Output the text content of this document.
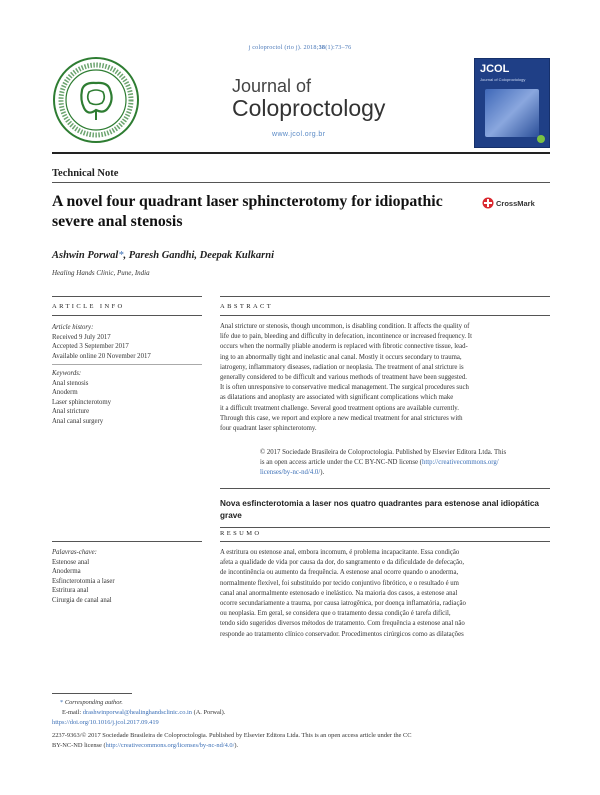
j coloproctol (rio j). 2018;38(1):73–76
Journal of
Coloproctology
www.jcol.org.br
JCOL
Journal of Coloproctology
Technical Note
A novel four quadrant laser sphincterotomy for idiopathic severe anal stenosis
CrossMark
Ashwin Porwal*, Paresh Gandhi, Deepak Kulkarni
Healing Hands Clinic, Pune, India
ARTICLE INFO	ABSTRACT
Article history:
Received 9 July 2017
Accepted 3 September 2017
Available online 20 November 2017
Keywords:
Anal stenosis
Anoderm
Laser sphincterotomy
Anal stricture
Anal canal surgery
Anal stricture or stenosis, though uncommon, is disabling condition. It affects the quality of
life due to pain, bleeding and difficulty in defecation, incontinence or increased frequency. It
occurs when the normally pliable anoderm is replaced with fibrotic connective tissue, lead-
ing to an abnormally tight and inelastic anal canal. Mostly it occurs secondary to trauma,
iatrogeny, inflammatory diseases, radiation or neoplasia. The treatment of anal stricture is
generally considered to be difficult and various methods of treatment have been suggested.
It is often unresponsive to conservative medical management. The surgical procedures such
as dilatations and anoplasty are associated with significant complications which make
it a difficult treatment challenge. Several good treatment options are available currently.
Through this case, we report and explore a new medical treatment for anal strictures with
four quadrant laser sphincterotomy.
© 2017 Sociedade Brasileira de Coloproctologia. Published by Elsevier Editora Ltda. This
is an open access article under the CC BY-NC-ND license (http://creativecommons.org/
licenses/by-nc-nd/4.0/).
Nova esfincterotomia a laser nos quatro quadrantes para estenose anal idiopática grave
RESUMO
Palavras-chave:
Estenose anal
Anoderma
Esfincterotomia a laser
Estritura anal
Cirurgia de canal anal
A estritura ou estenose anal, embora incomum, é problema incapacitante. Essa condição
afeta a qualidade de vida por causa da dor, do sangramento e da dificuldade de defecação,
de incontinência ou aumento da frequência. A estenose anal ocorre quando o anoderma,
normalmente flexível, foi substituído por tecido conjuntivo fibrótico, e o resultado é um
canal anal anormalmente estenosado e inelástico. Na maioria dos casos, a estenose anal
ocorre secundariamente a trauma, por causa iatrogênica, por doença inflamatória, radiação
ou neoplasia. Em geral, se considera que o tratamento dessa condição é tarefa difícil,
tendo sido sugeridos diversos métodos de tratamento. Com frequência a estenose anal não
responde ao tratamento clínico conservador. Procedimentos cirúrgicos como as dilatações
* Corresponding author.
E-mail: drashwinporwal@healinghandsclinic.co.in (A. Porwal).
https://doi.org/10.1016/j.jcol.2017.09.419
2237-9363/© 2017 Sociedade Brasileira de Coloproctologia. Published by Elsevier Editora Ltda. This is an open access article under the CC
BY-NC-ND license (http://creativecommons.org/licenses/by-nc-nd/4.0/).
